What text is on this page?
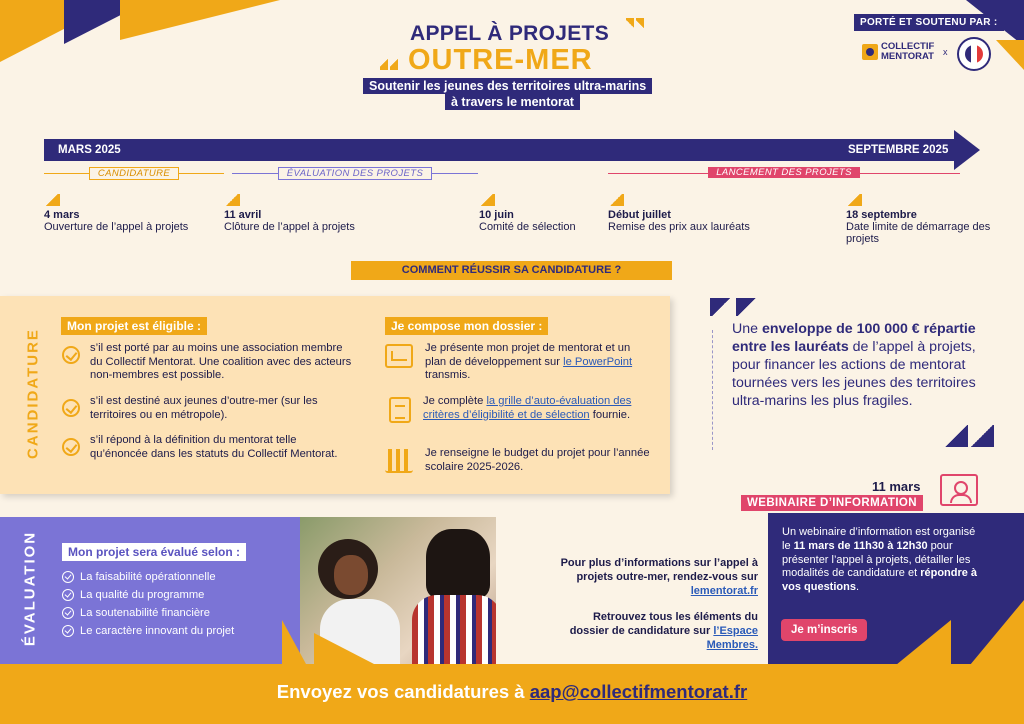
APPEL À PROJETS
OUTRE-MER
Soutenir les jeunes des territoires ultra-marins
à travers le mentorat
PORTÉ ET SOUTENU PAR :
COLLECTIF
MENTORAT x
MARS 2025	SEPTEMBRE 2025
CANDIDATURE	ÉVALUATION DES PROJETS	LANCEMENT DES PROJETS
4 mars
Ouverture de l’appel à projets
11 avril
Clôture de l’appel à projets
10 juin
Comité de sélection
Début juillet
Remise des prix aux lauréats
18 septembre
Date limite de démarrage des projets
COMMENT RÉUSSIR SA CANDIDATURE ?
CANDIDATURE
Mon projet est éligible :	Je compose mon dossier :
s’il est porté par au moins une association membre du Collectif Mentorat. Une coalition avec des acteurs non-membres est possible.
s’il est destiné aux jeunes d’outre-mer (sur les territoires ou en métropole).
s’il répond à la définition du mentorat telle qu’énoncée dans les statuts du Collectif Mentorat.
Je présente mon projet de mentorat et un plan de développement sur le PowerPoint transmis.
Je complète la grille d’auto-évaluation des critères d’éligibilité et de sélection fournie.
Je renseigne le budget du projet pour l’année scolaire 2025-2026.
Une enveloppe de 100 000 € répartie entre les lauréats de l’appel à projets, pour financer les actions de mentorat tournées vers les jeunes des territoires ultra-marins les plus fragiles.
11 mars
WEBINAIRE D’INFORMATION
Un webinaire d’information est organisé le 11 mars de 11h30 à 12h30 pour présenter l’appel à projets, détailler les modalités de candidature et répondre à vos questions.
Je m’inscris
ÉVALUATION	Mon projet sera évalué selon :
La faisabilité opérationnelle
La qualité du programme
La soutenabilité financière
Le caractère innovant du projet
Pour plus d’informations sur l’appel à projets outre-mer, rendez-vous sur lementorat.fr
Retrouvez tous les éléments du dossier de candidature sur l’Espace Membres.
Envoyez vos candidatures à aap@collectifmentorat.fr
